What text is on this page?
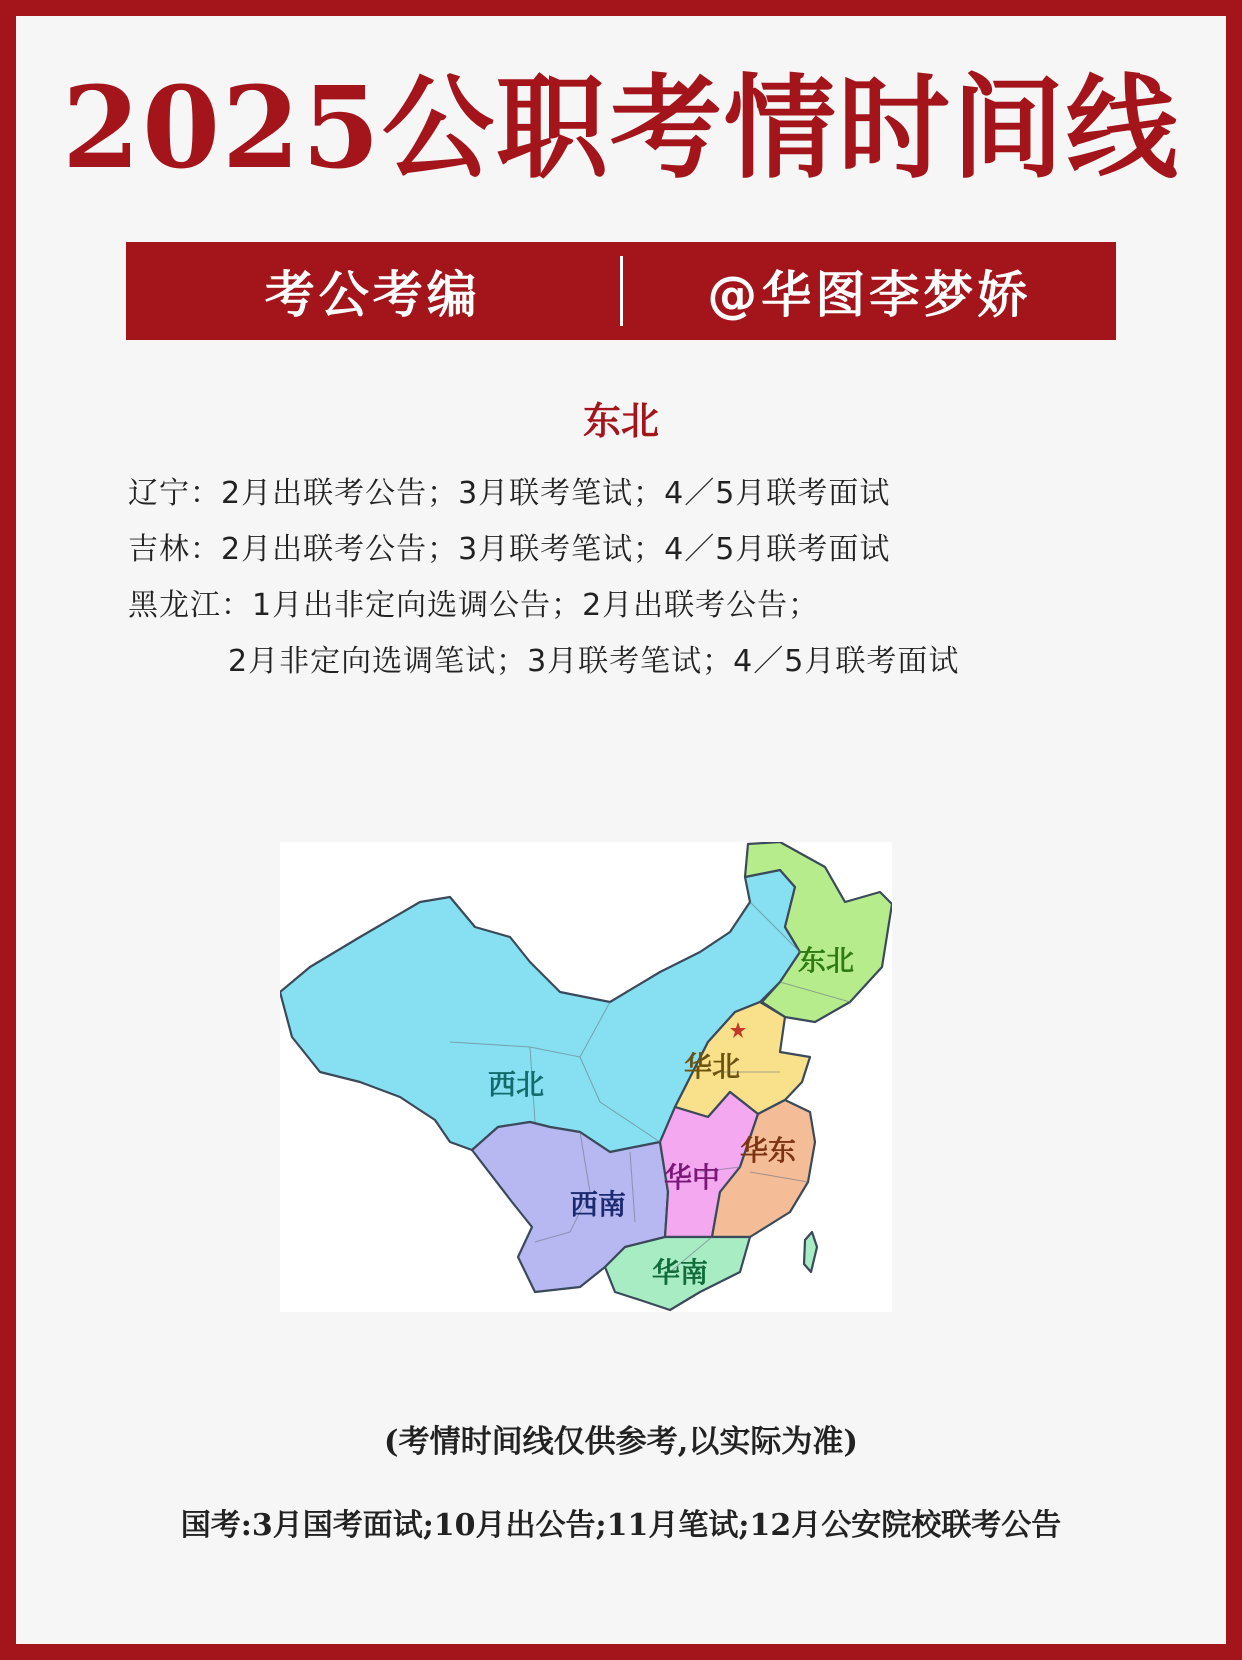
2025公职考情时间线
考公考编	@华图李梦娇
东北
辽宁： 2月出联考公告；3月联考笔试；4／5月联考面试
吉林： 2月出联考公告；3月联考笔试；4／5月联考面试
黑龙江： 1月出非定向选调公告；2月出联考公告；
2月非定向选调笔试；3月联考笔试；4／5月联考面试
西北
东北
华北
华东
华中
西南
华南
(考情时间线仅供参考,以实际为准)
国考:3月国考面试;10月出公告;11月笔试;12月公安院校联考公告
